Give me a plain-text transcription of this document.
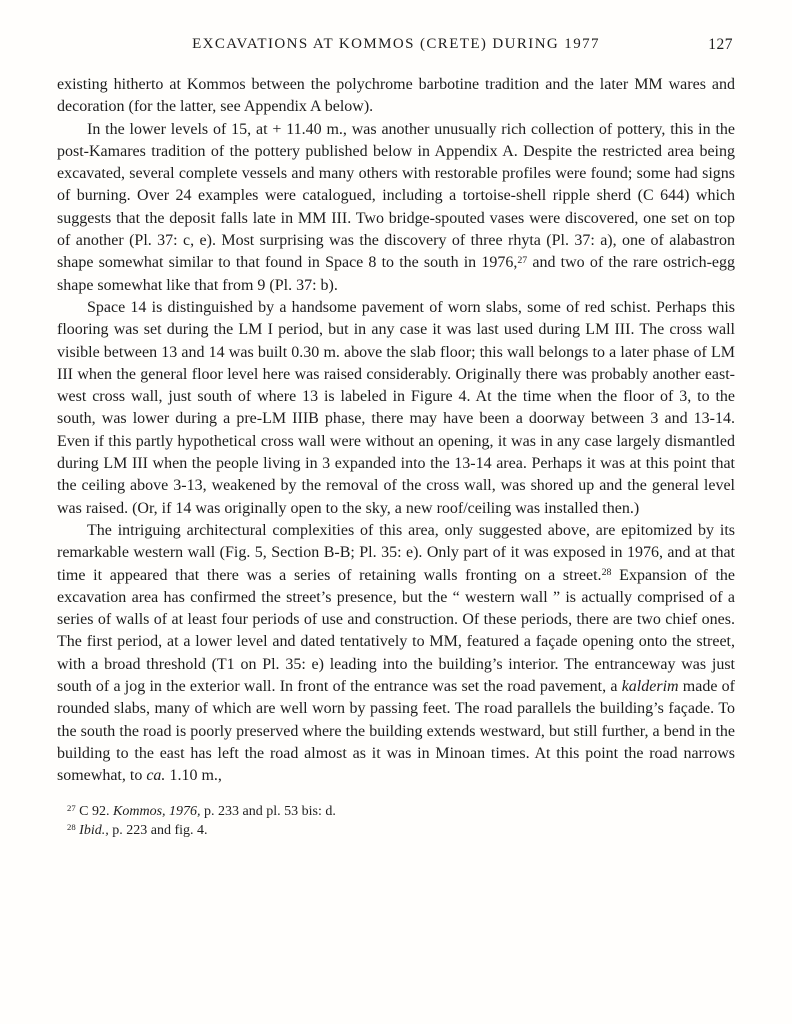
EXCAVATIONS AT KOMMOS (CRETE) DURING 1977	127

existing hitherto at Kommos between the polychrome barbotine tradition and the later MM wares and decoration (for the latter, see Appendix A below).

In the lower levels of 15, at + 11.40 m., was another unusually rich collection of pottery, this in the post-Kamares tradition of the pottery published below in Appendix A. Despite the restricted area being excavated, several complete vessels and many others with restorable profiles were found; some had signs of burning. Over 24 examples were catalogued, including a tortoise-shell ripple sherd (C 644) which suggests that the deposit falls late in MM III. Two bridge-spouted vases were discovered, one set on top of another (Pl. 37: c, e). Most surprising was the discovery of three rhyta (Pl. 37: a), one of alabastron shape somewhat similar to that found in Space 8 to the south in 1976,27 and two of the rare ostrich-egg shape somewhat like that from 9 (Pl. 37: b).

Space 14 is distinguished by a handsome pavement of worn slabs, some of red schist. Perhaps this flooring was set during the LM I period, but in any case it was last used during LM III. The cross wall visible between 13 and 14 was built 0.30 m. above the slab floor; this wall belongs to a later phase of LM III when the general floor level here was raised considerably. Originally there was probably another east-west cross wall, just south of where 13 is labeled in Figure 4. At the time when the floor of 3, to the south, was lower during a pre-LM IIIB phase, there may have been a doorway between 3 and 13-14. Even if this partly hypothetical cross wall were without an opening, it was in any case largely dismantled during LM III when the people living in 3 expanded into the 13-14 area. Perhaps it was at this point that the ceiling above 3-13, weakened by the removal of the cross wall, was shored up and the general level was raised. (Or, if 14 was originally open to the sky, a new roof/ceiling was installed then.)

The intriguing architectural complexities of this area, only suggested above, are epitomized by its remarkable western wall (Fig. 5, Section B-B; Pl. 35: e). Only part of it was exposed in 1976, and at that time it appeared that there was a series of retaining walls fronting on a street.$^{28}$ Expansion of the excavation area has confirmed the street’s presence, but the “ western wall ” is actually comprised of a series of walls of at least four periods of use and construction. Of these periods, there are two chief ones. The first period, at a lower level and dated tentatively to MM, featured a façade opening onto the street, with a broad threshold (T1 on Pl. 35: e) leading into the building’s interior. The entranceway was just south of a jog in the exterior wall. In front of the entrance was set the road pavement, a kalderim made of rounded slabs, many of which are well worn by passing feet. The road parallels the building’s façade. To the south the road is poorly preserved where the building extends westward, but still further, a bend in the building to the east has left the road almost as it was in Minoan times. At this point the road narrows somewhat, to ca. 1.10 m.,

$^{27}$ C 92. Kommos, 1976, p. 233 and pl. 53 bis: d.

$^{28}$ Ibid., p. 223 and fig. 4.
